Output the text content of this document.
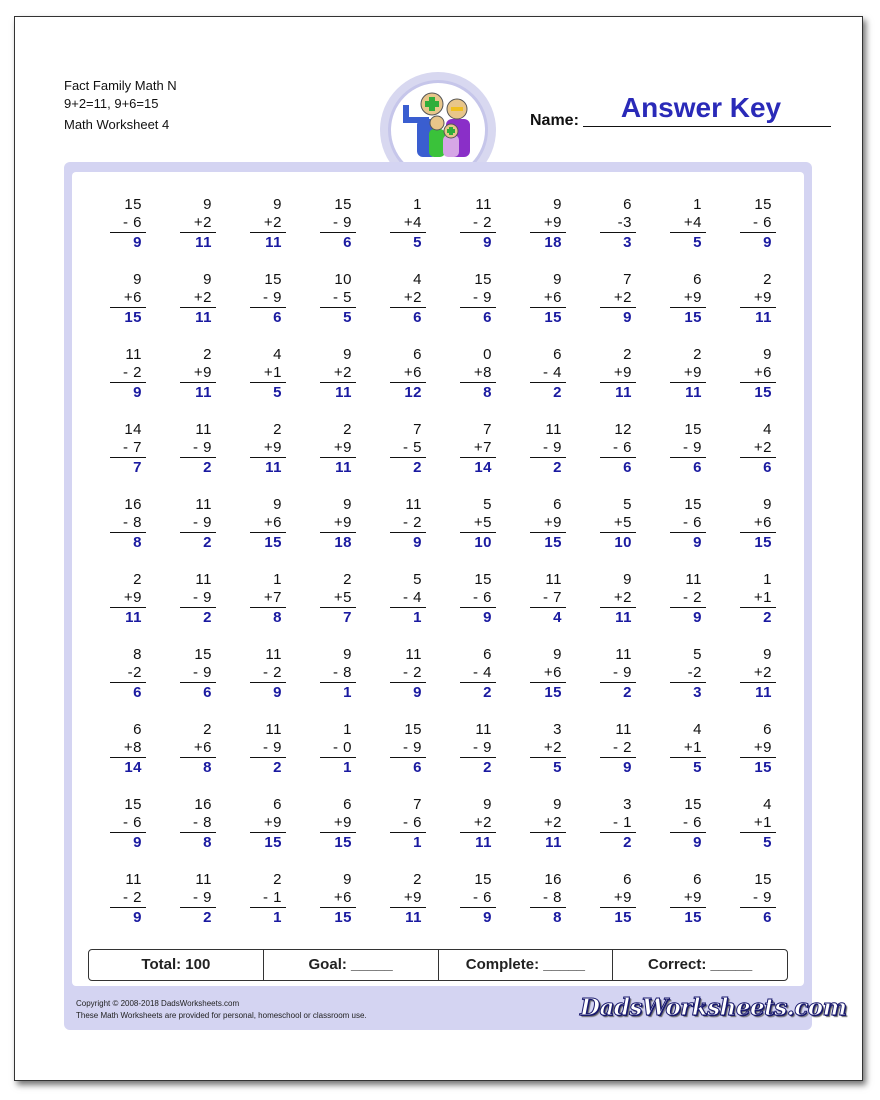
Fact Family Math N
9+2=11, 9+6=15
Math Worksheet 4	Name:	Answer Key
15
- 6
9
9
+2
11
9
+2
11
15
- 9
6
1
+4
5
11
- 2
9
9
+9
18
6
-3
3
1
+4
5
15
- 6
9
9
+6
15
9
+2
11
15
- 9
6
10
- 5
5
4
+2
6
15
- 9
6
9
+6
15
7
+2
9
6
+9
15
2
+9
11
11
- 2
9
2
+9
11
4
+1
5
9
+2
11
6
+6
12
0
+8
8
6
- 4
2
2
+9
11
2
+9
11
9
+6
15
14
- 7
7
11
- 9
2
2
+9
11
2
+9
11
7
- 5
2
7
+7
14
11
- 9
2
12
- 6
6
15
- 9
6
4
+2
6
16
- 8
8
11
- 9
2
9
+6
15
9
+9
18
11
- 2
9
5
+5
10
6
+9
15
5
+5
10
15
- 6
9
9
+6
15
2
+9
11
11
- 9
2
1
+7
8
2
+5
7
5
- 4
1
15
- 6
9
11
- 7
4
9
+2
11
11
- 2
9
1
+1
2
8
-2
6
15
- 9
6
11
- 2
9
9
- 8
1
11
- 2
9
6
- 4
2
9
+6
15
11
- 9
2
5
-2
3
9
+2
11
6
+8
14
2
+6
8
11
- 9
2
1
- 0
1
15
- 9
6
11
- 9
2
3
+2
5
11
- 2
9
4
+1
5
6
+9
15
15
- 6
9
16
- 8
8
6
+9
15
6
+9
15
7
- 6
1
9
+2
11
9
+2
11
3
- 1
2
15
- 6
9
4
+1
5
11
- 2
9
11
- 9
2
2
- 1
1
9
+6
15
2
+9
11
15
- 6
9
16
- 8
8
6
+9
15
6
+9
15
15
- 9
6
Total: 100	Goal: _____	Complete: _____	Correct: _____
Copyright © 2008-2018 DadsWorksheets.com
These Math Worksheets are provided for personal, homeschool or classroom use.	DadsWorksheets.com
